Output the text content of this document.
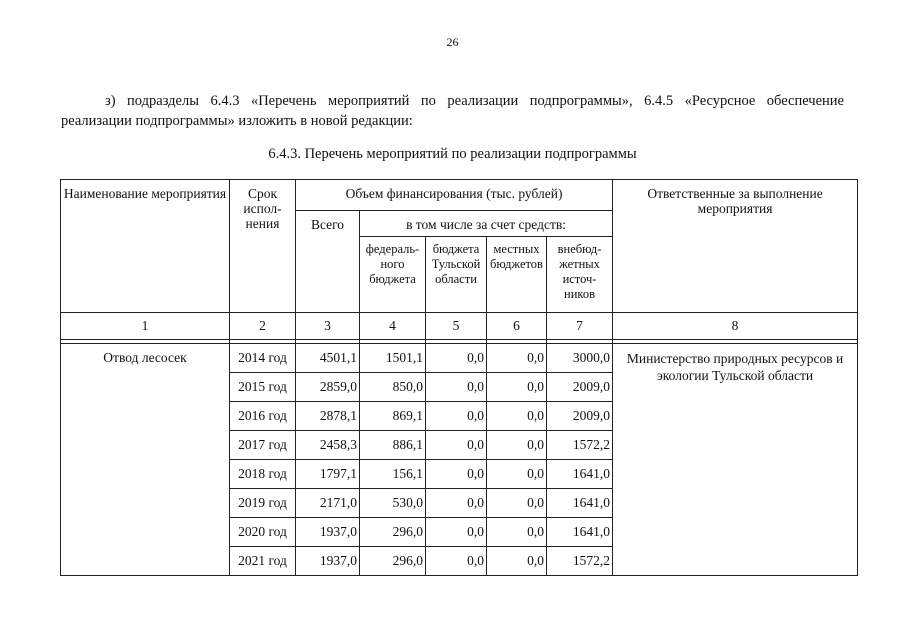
26
з) подразделы 6.4.3 «Перечень мероприятий по реализации подпрограммы», 6.4.5 «Ресурсное обеспечение
реализации подпрограммы» изложить в новой редакции:
6.4.3. Перечень мероприятий по реализации подпрограммы
Наименование мероприятия	Срок испол-нения	Объем финансирования (тыс. рублей)					Ответственные за выполнение мероприятия
		Всего	в том числе за счет средств:				
			федераль-ного бюджета	бюджета Тульской области	местных бюджетов	внебюд-жетных источ-ников	
1	2	3	4	5	6	7	8

Отвод лесосек	2014 год	4501,1	1501,1	0,0	0,0	3000,0	Министерство природных ресурсов и экологии Тульской области
	2015 год	2859,0	850,0	0,0	0,0	2009,0	
	2016 год	2878,1	869,1	0,0	0,0	2009,0	
	2017 год	2458,3	886,1	0,0	0,0	1572,2	
	2018 год	1797,1	156,1	0,0	0,0	1641,0	
	2019 год	2171,0	530,0	0,0	0,0	1641,0	
	2020 год	1937,0	296,0	0,0	0,0	1641,0	
	2021 год	1937,0	296,0	0,0	0,0	1572,2	
